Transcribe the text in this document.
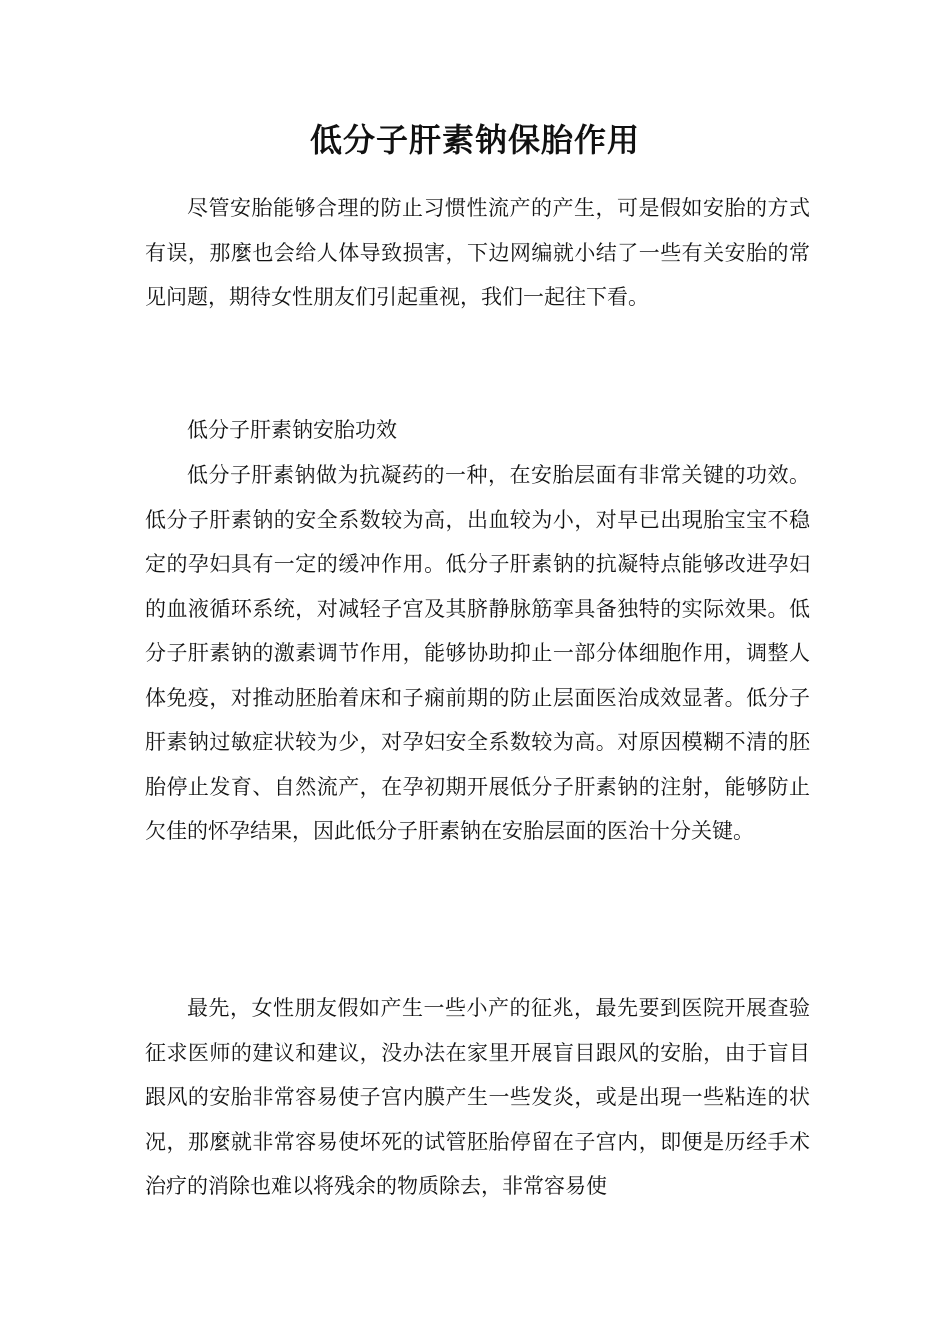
低分子肝素钠保胎作用

尽管安胎能够合理的防止习惯性流产的产生，可是假如安胎的方式有误，那麼也会给人体导致损害，下边网编就小结了一些有关安胎的常见问题，期待女性朋友们引起重视，我们一起往下看。

低分子肝素钠安胎功效

低分子肝素钠做为抗凝药的一种，在安胎层面有非常关键的功效。低分子肝素钠的安全系数较为高，出血较为小，对早已出現胎宝宝不稳定的孕妇具有一定的缓冲作用。低分子肝素钠的抗凝特点能够改进孕妇的血液循环系统，对减轻子宫及其脐静脉筋挛具备独特的实际效果。低分子肝素钠的激素调节作用，能够协助抑止一部分体细胞作用，调整人体免疫，对推动胚胎着床和子痫前期的防止层面医治成效显著。低分子肝素钠过敏症状较为少，对孕妇安全系数较为高。对原因模糊不清的胚胎停止发育、自然流产，在孕初期开展低分子肝素钠的注射，能够防止欠佳的怀孕结果，因此低分子肝素钠在安胎层面的医治十分关键。

最先，女性朋友假如产生一些小产的征兆，最先要到医院开展查验征求医师的建议和建议，没办法在家里开展盲目跟风的安胎，由于盲目跟风的安胎非常容易使子宫内膜产生一些发炎，或是出現一些粘连的状况，那麼就非常容易使坏死的试管胚胎停留在子宫内，即便是历经手术治疗的消除也难以将残余的物质除去，非常容易使
